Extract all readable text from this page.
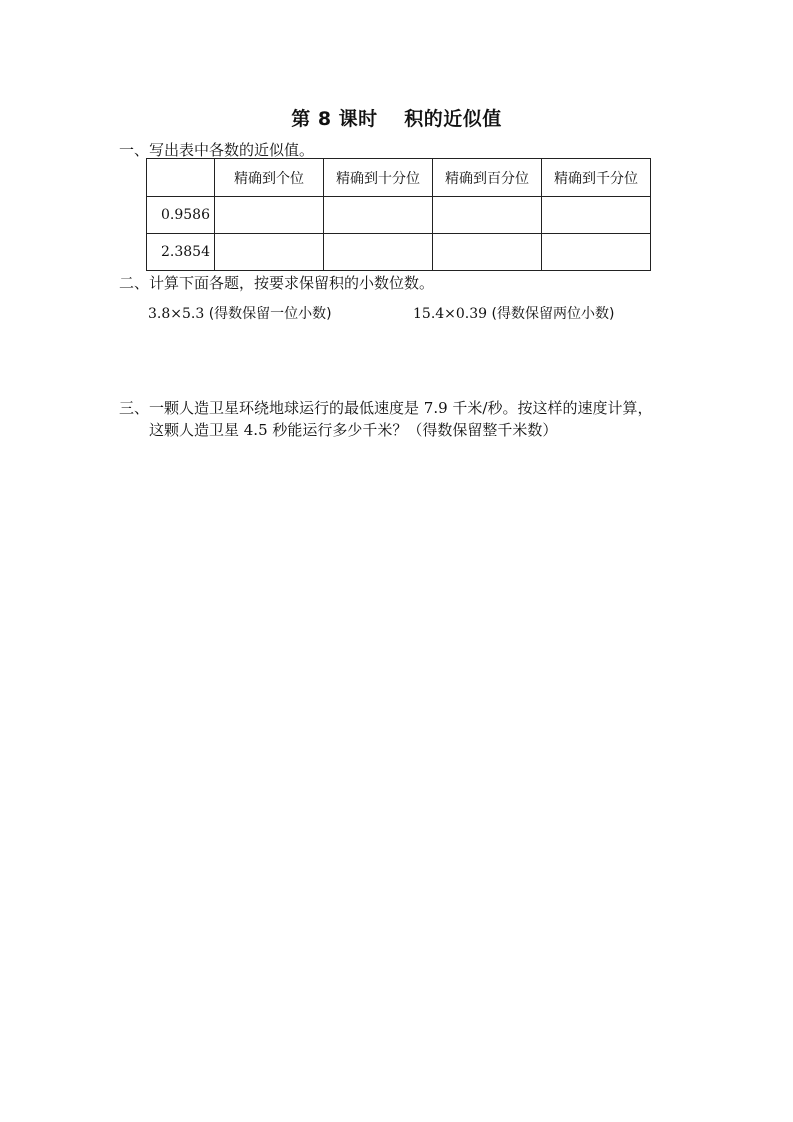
第 8 课时　 积的近似值
一、写出表中各数的近似值。
	精确到个位	精确到十分位	精确到百分位	精确到千分位
0.9586				
2.3854				
二、计算下面各题，按要求保留积的小数位数。
3.8×5.3 (得数保留一位小数)	15.4×0.39 (得数保留两位小数)
三、一颗人造卫星环绕地球运行的最低速度是 7.9 千米/秒。按这样的速度计算，
这颗人造卫星 4.5 秒能运行多少千米？（得数保留整千米数）
